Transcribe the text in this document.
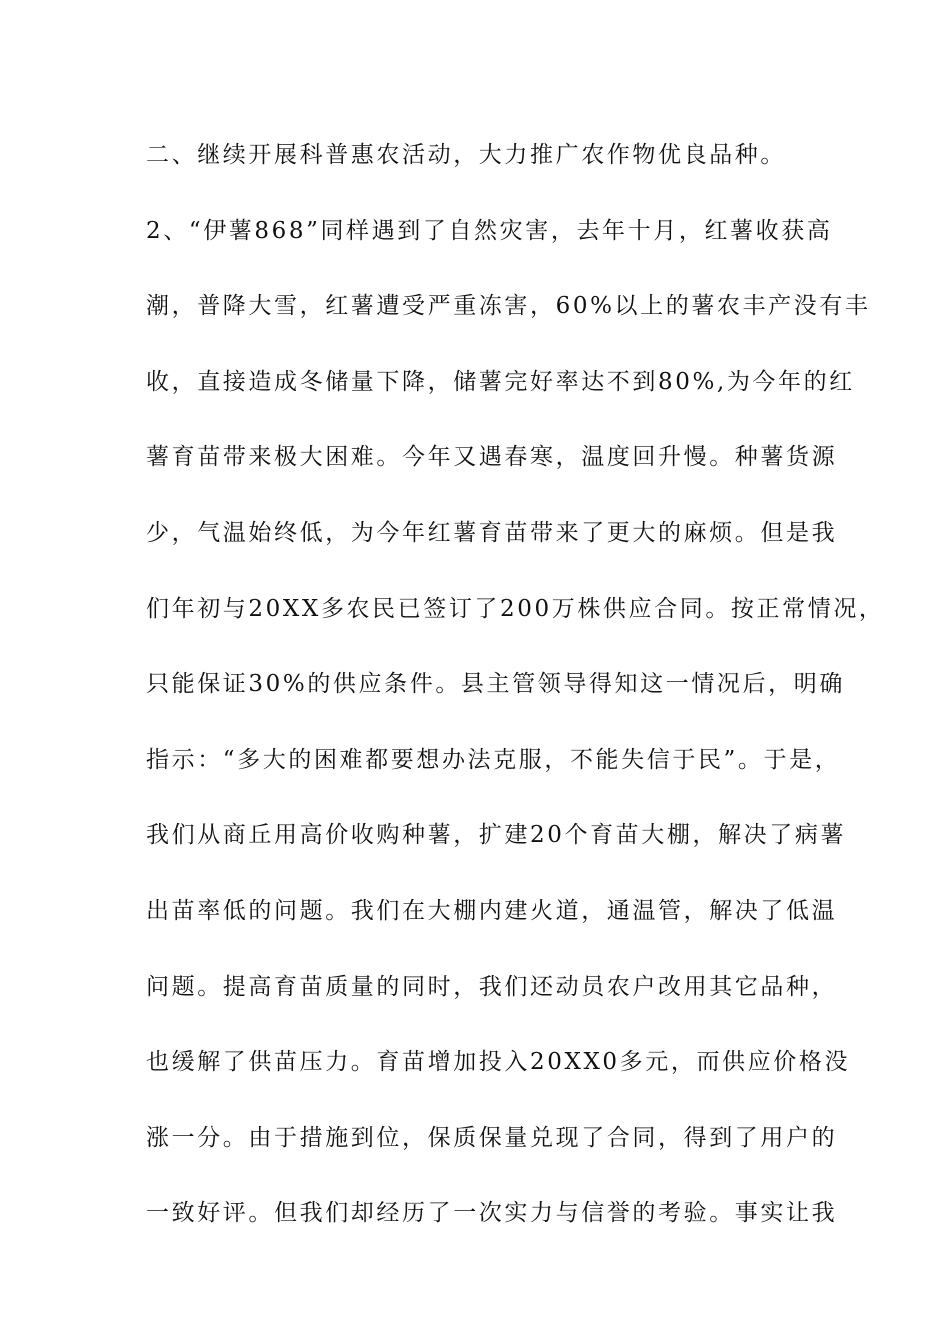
二、继续开展科普惠农活动，大力推广农作物优良品种。
2、“伊薯868”同样遇到了自然灾害，去年十月，红薯收获高
潮，普降大雪，红薯遭受严重冻害，60%以上的薯农丰产没有丰
收，直接造成冬储量下降，储薯完好率达不到80%,为今年的红
薯育苗带来极大困难。今年又遇春寒，温度回升慢。种薯货源
少，气温始终低，为今年红薯育苗带来了更大的麻烦。但是我
们年初与20XX多农民已签订了200万株供应合同。按正常情况，
只能保证30%的供应条件。县主管领导得知这一情况后，明确
指示：“多大的困难都要想办法克服，不能失信于民”。于是，
我们从商丘用高价收购种薯，扩建20个育苗大棚，解决了病薯
出苗率低的问题。我们在大棚内建火道，通温管，解决了低温
问题。提高育苗质量的同时，我们还动员农户改用其它品种，
也缓解了供苗压力。育苗增加投入20XX0多元，而供应价格没
涨一分。由于措施到位，保质保量兑现了合同，得到了用户的
一致好评。但我们却经历了一次实力与信誉的考验。事实让我
